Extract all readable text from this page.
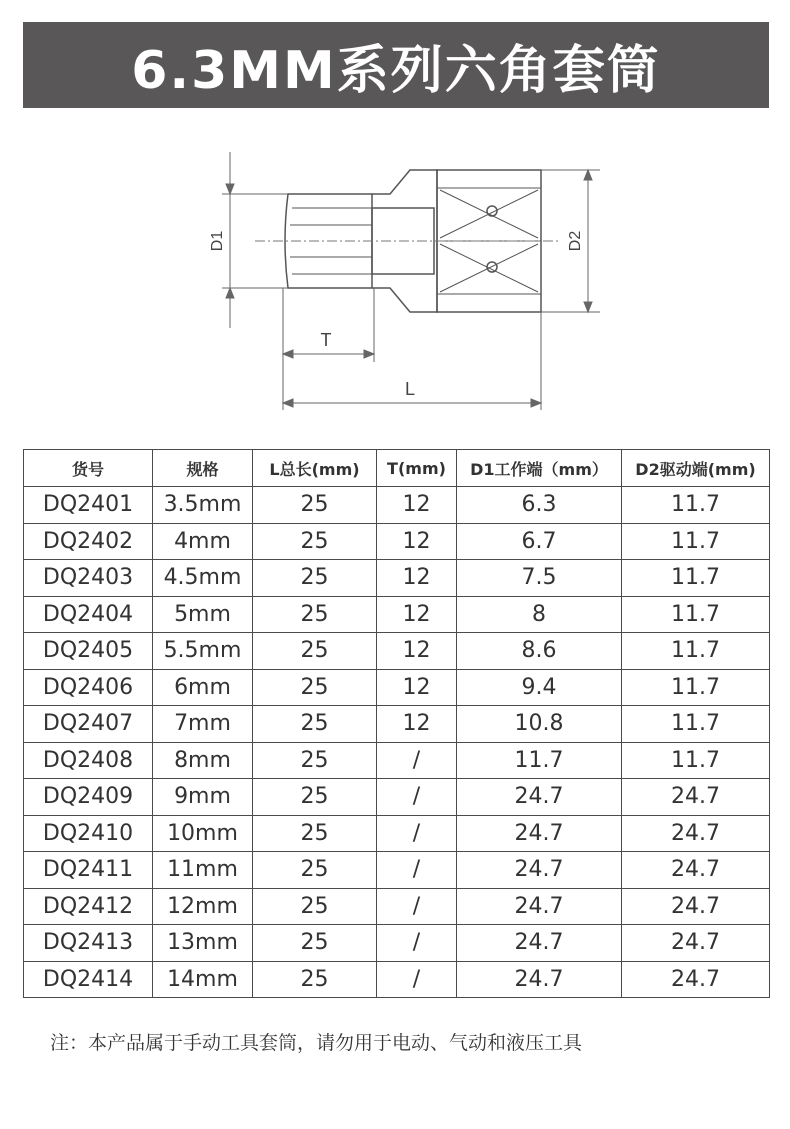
6.3MM系列六角套筒
D1	D2
T
L
货号	规格	L总长(mm)	T(mm)	D1工作端（mm）	D2驱动端(mm)
DQ2401	3.5mm	25	12	6.3	11.7
DQ2402	4mm	25	12	6.7	11.7
DQ2403	4.5mm	25	12	7.5	11.7
DQ2404	5mm	25	12	8	11.7
DQ2405	5.5mm	25	12	8.6	11.7
DQ2406	6mm	25	12	9.4	11.7
DQ2407	7mm	25	12	10.8	11.7
DQ2408	8mm	25	/	11.7	11.7
DQ2409	9mm	25	/	24.7	24.7
DQ2410	10mm	25	/	24.7	24.7
DQ2411	11mm	25	/	24.7	24.7
DQ2412	12mm	25	/	24.7	24.7
DQ2413	13mm	25	/	24.7	24.7
DQ2414	14mm	25	/	24.7	24.7
注：本产品属于手动工具套筒，请勿用于电动、气动和液压工具
